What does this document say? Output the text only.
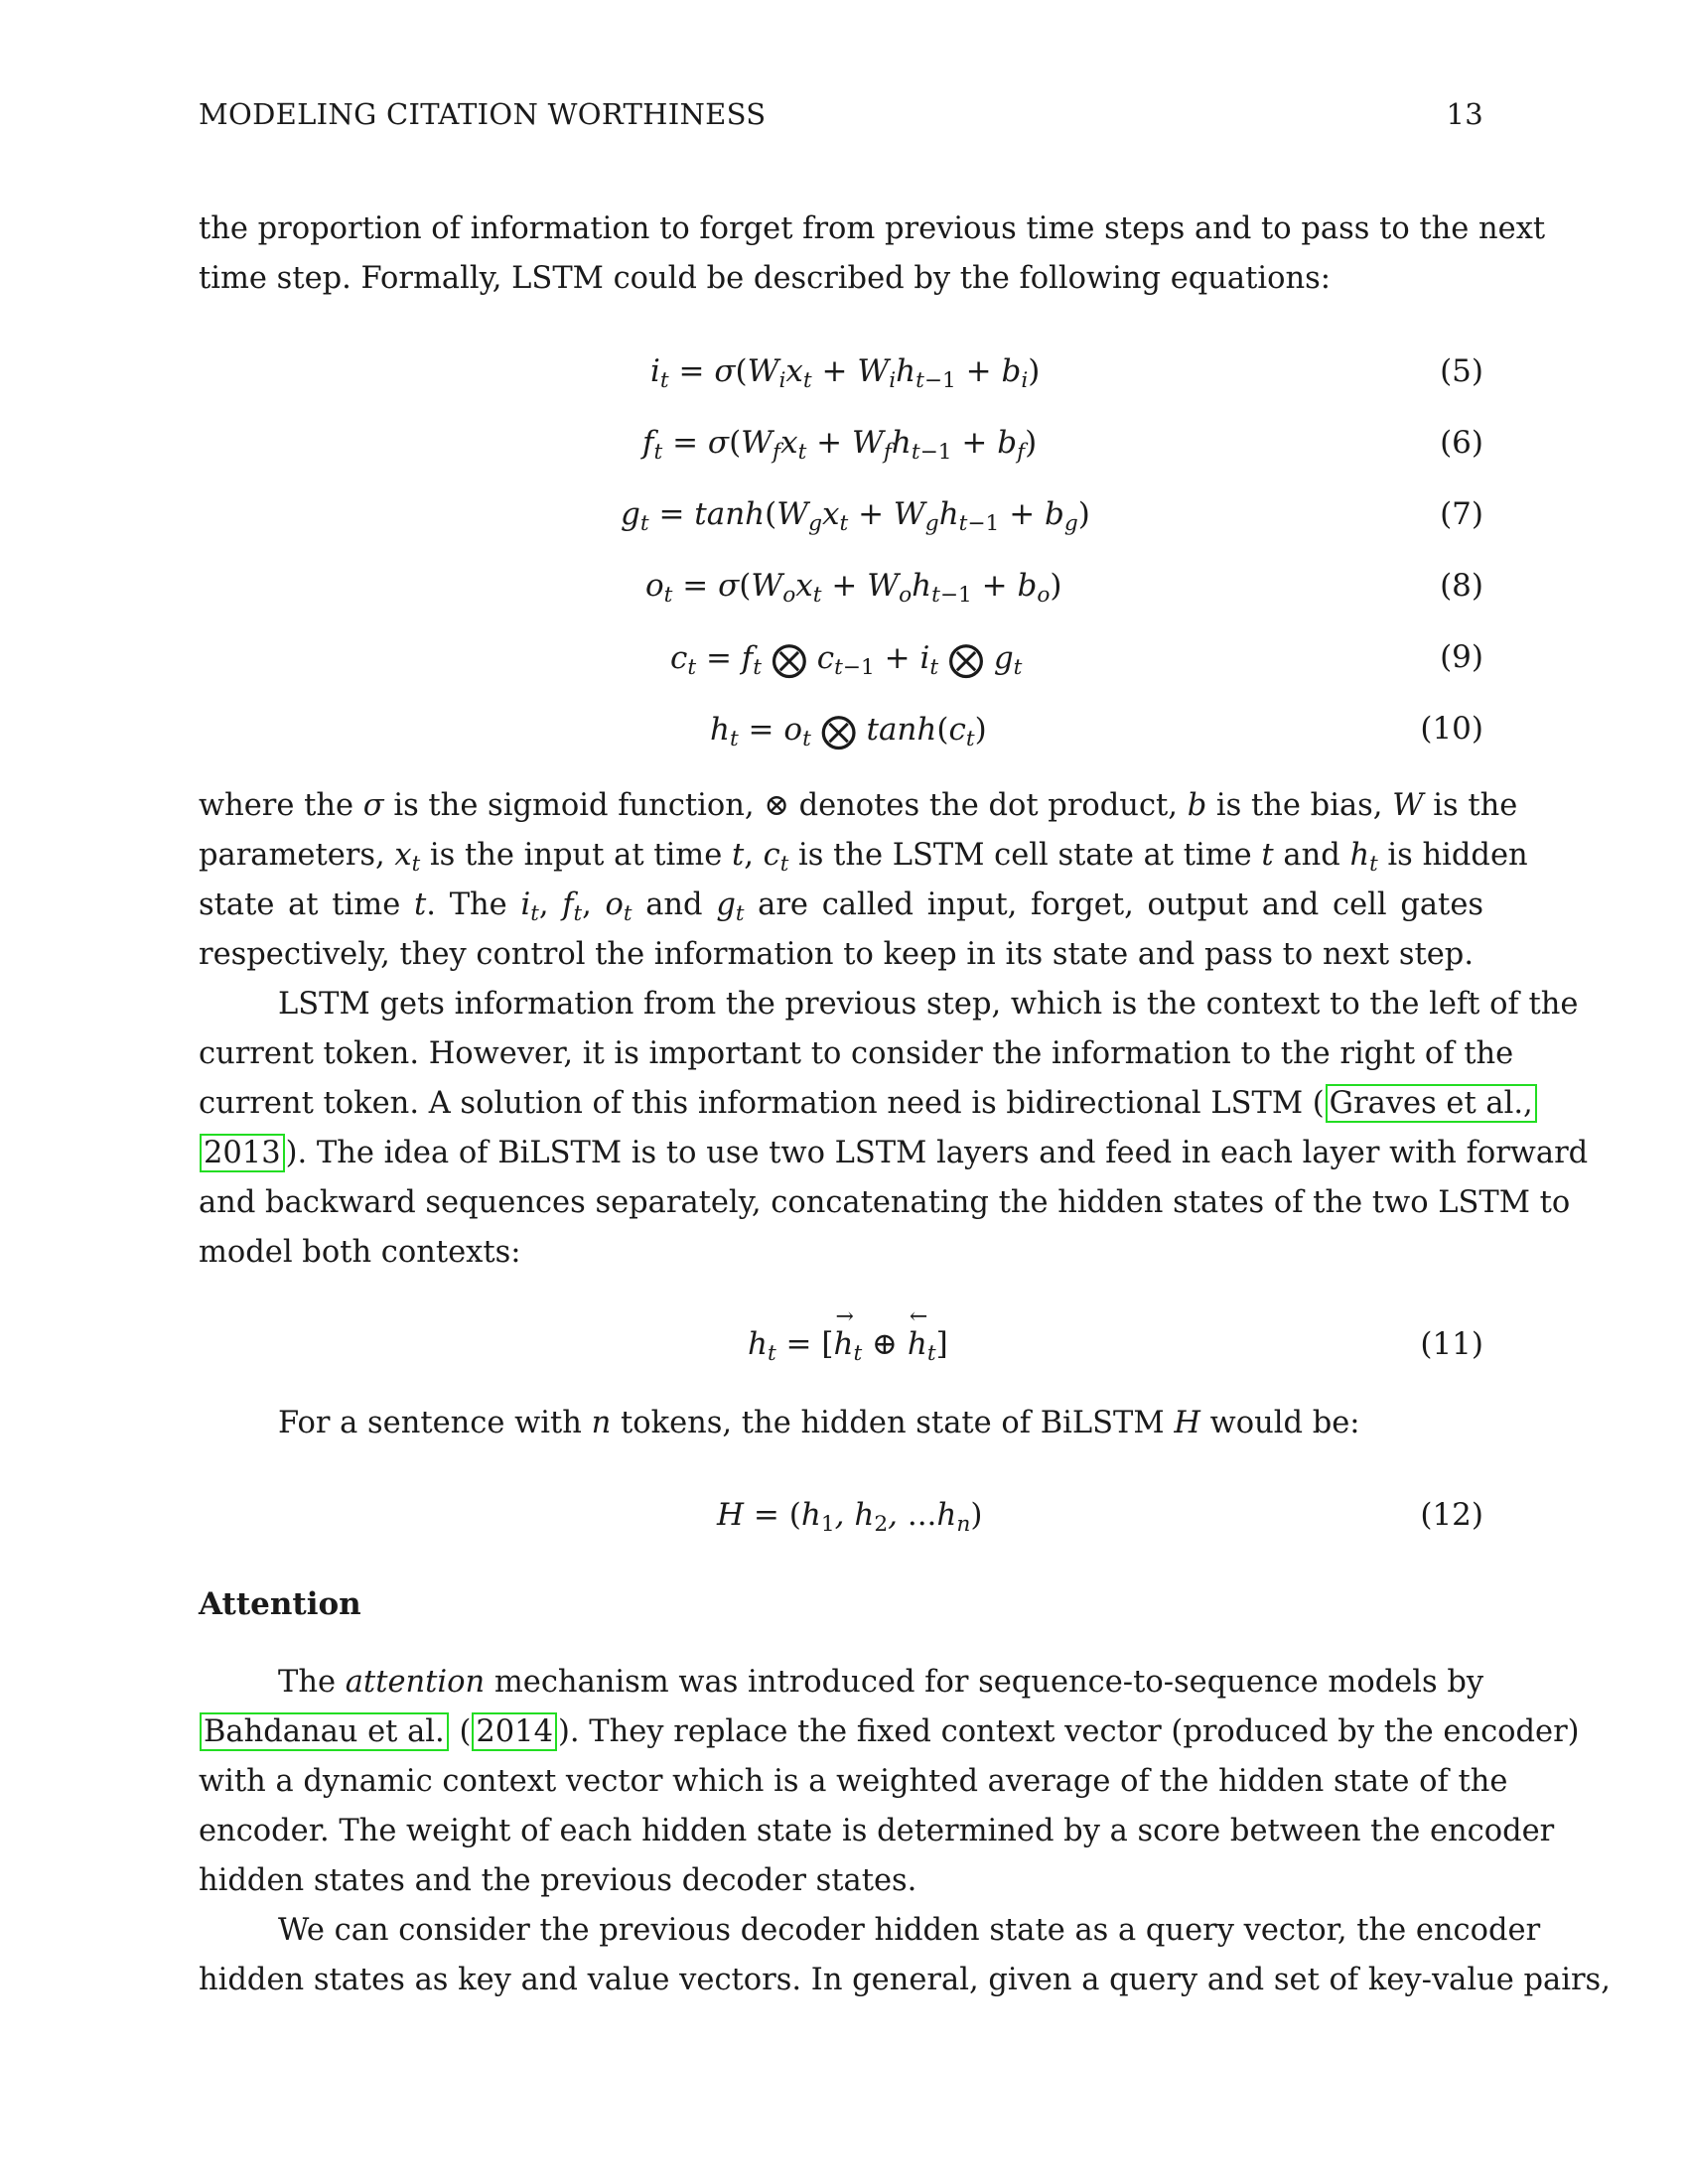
MODELING CITATION WORTHINESS	13
the proportion of information to forget from previous time steps and to pass to the next
time step. Formally, LSTM could be described by the following equations:
$i_t = \sigma(W_ix_t + W_ih_{t-1} + b_i)$	(5)
$f_t = \sigma(W_fx_t + W_fh_{t-1} + b_f)$	(6)
$g_t = \tanh(W_gx_t + W_gh_{t-1} + b_g)$	(7)
$o_t = \sigma(W_ox_t + W_oh_{t-1} + b_o)$	(8)
$c_t = f_t$ ⨂ $c_{t-1} + i_t$ ⨂ $g_t$	(9)
$h_t = o_t$ ⨂ $\tanh(c_t)$	(10)
where the σ is the sigmoid function, ⊗ denotes the dot product, b is the bias, W is the
parameters, $x_t$ is the input at time t, $c_t$ is the LSTM cell state at time t and $h_t$ is hidden
state at time t. The $i_t$, $f_t$, $o_t$ and $g_t$ are called input, forget, output and cell gates
respectively, they control the information to keep in its state and pass to next step.
LSTM gets information from the previous step, which is the context to the left of the
current token. However, it is important to consider the information to the right of the
current token. A solution of this information need is bidirectional LSTM ( Graves et al.,
2013 ). The idea of BiLSTM is to use two LSTM layers and feed in each layer with forward
and backward sequences separately, concatenating the hidden states of the two LSTM to
model both contexts:
$h_t$ = [
→
$h_t$ ⊕
←
$h_t$]	(11)
For a sentence with n tokens, the hidden state of BiLSTM H would be:
$H = (h_1$, $h_2$, $...h_n$)	(12)
Attention
The attention mechanism was introduced for sequence-to-sequence models by
Bahdanau et al. ( 2014 ). They replace the fixed context vector (produced by the encoder)
with a dynamic context vector which is a weighted average of the hidden state of the
encoder. The weight of each hidden state is determined by a score between the encoder
hidden states and the previous decoder states.
We can consider the previous decoder hidden state as a query vector, the encoder
hidden states as key and value vectors. In general, given a query and set of key-value pairs,
